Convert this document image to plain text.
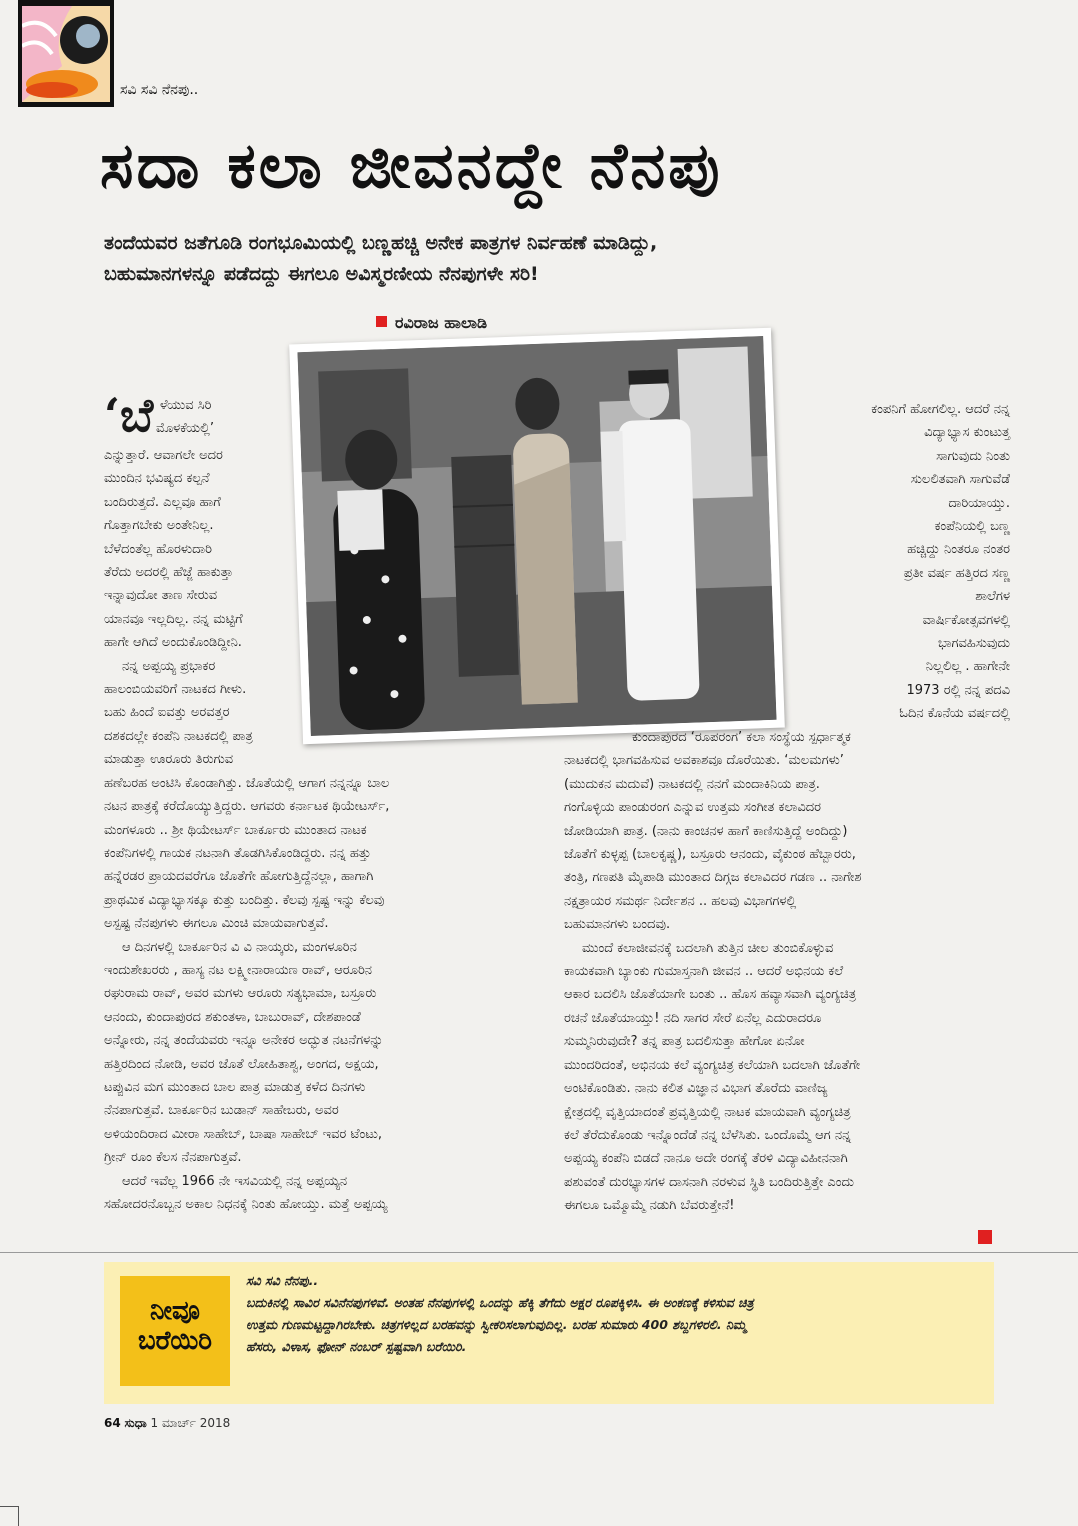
ಸವಿ ಸವಿ ನೆನಪು..
ಸದಾ ಕಲಾ ಜೀವನದ್ದೇ ನೆನಪು

ತಂದೆಯವರ ಜತೆಗೂಡಿ ರಂಗಭೂಮಿಯಲ್ಲಿ ಬಣ್ಣಹಚ್ಚಿ ಅನೇಕ ಪಾತ್ರಗಳ ನಿರ್ವಹಣೆ ಮಾಡಿದ್ದು,

ಬಹುಮಾನಗಳನ್ನೂ ಪಡೆದದ್ದು ಈಗಲೂ ಅವಿಸ್ಮರಣೀಯ ನೆನಪುಗಳೇ ಸರಿ!

ರವಿರಾಜ ಹಾಲಾಡಿ
‘ಬೆ ಳೆಯುವ ಸಿರಿ
ಮೊಳಕೆಯಲ್ಲಿ’

ಎನ್ನುತ್ತಾರೆ. ಆವಾಗಲೇ ಅದರ

ಮುಂದಿನ ಭವಿಷ್ಯದ ಕಲ್ಪನೆ

ಬಂದಿರುತ್ತದೆ. ಎಲ್ಲವೂ ಹಾಗೆ

ಗೊತ್ತಾಗಬೇಕು ಅಂತೇನಿಲ್ಲ.

ಬೆಳೆದಂತೆಲ್ಲ ಹೊರಳುದಾರಿ

ತೆರೆದು ಅದರಲ್ಲಿ ಹೆಜ್ಜೆ ಹಾಕುತ್ತಾ

ಇನ್ನಾವುದೋ ತಾಣ ಸೇರುವ

ಯಾನವೂ ಇಲ್ಲದಿಲ್ಲ. ನನ್ನ ಮಟ್ಟಿಗೆ

ಹಾಗೇ ಆಗಿದೆ ಅಂದುಕೊಂಡಿದ್ದೀನಿ.

ನನ್ನ ಅಪ್ಪಯ್ಯ ಪ್ರಭಾಕರ

ಹಾಲಂಬಿಯವರಿಗೆ ನಾಟಕದ ಗೀಳು.

ಬಹು ಹಿಂದೆ ಐವತ್ತು ಅರವತ್ತರ

ದಶಕದಲ್ಲೇ ಕಂಪೆನಿ ನಾಟಕದಲ್ಲಿ ಪಾತ್ರ

ಮಾಡುತ್ತಾ ಊರೂರು ತಿರುಗುವ

ಹಣೆಬರಹ ಅಂಟಿಸಿ ಕೊಂಡಾಗಿತ್ತು. ಜೊತೆಯಲ್ಲಿ ಆಗಾಗ ನನ್ನನ್ನೂ ಬಾಲ

ನಟನ ಪಾತ್ರಕ್ಕೆ ಕರೆದೊಯ್ಯುತ್ತಿದ್ದರು. ಆಗವರು ಕರ್ನಾಟಕ ಥಿಯೇಟರ್ಸ್,

ಮಂಗಳೂರು .. ಶ್ರೀ ಥಿಯೇಟರ್ಸ್ ಬಾರ್ಕೂರು ಮುಂತಾದ ನಾಟಕ

ಕಂಪೆನಿಗಳಲ್ಲಿ ಗಾಯಕ ನಟನಾಗಿ ತೊಡಗಿಸಿಕೊಂಡಿದ್ದರು. ನನ್ನ ಹತ್ತು

ಹನ್ನೆರಡರ ಪ್ರಾಯದವರೆಗೂ ಜೊತೆಗೇ ಹೋಗುತ್ತಿದ್ದೆನಲ್ಲಾ, ಹಾಗಾಗಿ

ಪ್ರಾಥಮಿಕ ವಿದ್ಯಾಭ್ಯಾಸಕ್ಕೂ ಕುತ್ತು ಬಂದಿತ್ತು. ಕೆಲವು ಸ್ಪಷ್ಟ ಇನ್ನು ಕೆಲವು

ಅಸ್ಪಷ್ಟ ನೆನಪುಗಳು ಈಗಲೂ ಮಿಂಚಿ ಮಾಯವಾಗುತ್ತವೆ.

ಆ ದಿನಗಳಲ್ಲಿ ಬಾರ್ಕೂರಿನ ವಿ ವಿ ನಾಯ್ಕರು, ಮಂಗಳೂರಿನ

ಇಂದುಶೇಖರರು , ಹಾಸ್ಯ ನಟ ಲಕ್ಷ್ಮೀನಾರಾಯಣ ರಾವ್, ಆರೂರಿನ

ರಘುರಾಮ ರಾವ್, ಅವರ ಮಗಳು ಆರೂರು ಸತ್ಯಭಾಮಾ, ಬಸ್ರೂರು

ಆನಂದು, ಕುಂದಾಪುರದ ಶಕುಂತಳಾ, ಬಾಬುರಾವ್, ದೇಶಪಾಂಡೆ

ಅನ್ನೋರು, ನನ್ನ ತಂದೆಯವರು ಇನ್ನೂ ಅನೇಕರ ಅದ್ಭುತ ನಟನೆಗಳನ್ನು

ಹತ್ತಿರದಿಂದ ನೋಡಿ, ಅವರ ಜೊತೆ ಲೋಹಿತಾಶ್ವ, ಅಂಗದ, ಅಕ್ಷಯ,

ಟಪ್ಪುವಿನ ಮಗ ಮುಂತಾದ ಬಾಲ ಪಾತ್ರ ಮಾಡುತ್ತ ಕಳೆದ ದಿನಗಳು

ನೆನಪಾಗುತ್ತವೆ. ಬಾರ್ಕೂರಿನ ಬುಡಾನ್ ಸಾಹೇಬರು, ಅವರ

ಅಳಿಯಂದಿರಾದ ಮೀರಾ ಸಾಹೇಬ್, ಬಾಷಾ ಸಾಹೇಬ್ ಇವರ ಟೆಂಟು,

ಗ್ರೀನ್ ರೂಂ ಕೆಲಸ ನೆನಪಾಗುತ್ತವೆ.

ಆದರೆ ಇವೆಲ್ಲ 1966 ನೇ ಇಸವಿಯಲ್ಲಿ ನನ್ನ ಅಪ್ಪಯ್ಯನ

ಸಹೋದರನೊಬ್ಬನ ಅಕಾಲ ನಿಧನಕ್ಕೆ ನಿಂತು ಹೋಯ್ತು. ಮತ್ತೆ ಅಪ್ಪಯ್ಯ

ಕಂಪನಿಗೆ ಹೋಗಲಿಲ್ಲ. ಆದರೆ ನನ್ನ

ವಿದ್ಯಾಭ್ಯಾಸ ಕುಂಟುತ್ತ

ಸಾಗುವುದು ನಿಂತು

ಸುಲಲಿತವಾಗಿ ಸಾಗುವೆಡೆ

ದಾರಿಯಾಯ್ತು.

ಕಂಪೆನಿಯಲ್ಲಿ ಬಣ್ಣ

ಹಚ್ಚಿದ್ದು ನಿಂತರೂ ನಂತರ

ಪ್ರತೀ ವರ್ಷ ಹತ್ತಿರದ ಸಣ್ಣ

ಶಾಲೆಗಳ

ವಾರ್ಷಿಕೋತ್ಸವಗಳಲ್ಲಿ

ಭಾಗವಹಿಸುವುದು

ನಿಲ್ಲಲಿಲ್ಲ . ಹಾಗೇನೇ

1973 ರಲ್ಲಿ ನನ್ನ ಪದವಿ

ಓದಿನ ಕೊನೆಯ ವರ್ಷದಲ್ಲಿ

ಕುಂದಾಪುರದ ‘ರೂಪರಂಗ’ ಕಲಾ ಸಂಸ್ಥೆಯ ಸ್ಪರ್ಧಾತ್ಮಕ

ನಾಟಕದಲ್ಲಿ ಭಾಗವಹಿಸುವ ಅವಕಾಶವೂ ದೊರೆಯಿತು. ‘ಮಲಮಗಳು’

(ಮುದುಕನ ಮದುವೆ) ನಾಟಕದಲ್ಲಿ ನನಗೆ ಮಂದಾಕಿನಿಯ ಪಾತ್ರ.

ಗಂಗೊಳ್ಳಿಯ ಪಾಂಡುರಂಗ ಎನ್ನುವ ಉತ್ತಮ ಸಂಗೀತ ಕಲಾವಿದರ

ಜೋಡಿಯಾಗಿ ಪಾತ್ರ. (ನಾನು ಕಾಂಚನಳ ಹಾಗೆ ಕಾಣಿಸುತ್ತಿದ್ದೆ ಅಂದಿದ್ದು)

ಜೊತೆಗೆ ಕುಳ್ಳಪ್ಪ (ಬಾಲಕೃಷ್ಣ), ಬಸ್ರೂರು ಆನಂದು, ವೈಕುಂಠ ಹೆಬ್ಬಾರರು,

ತಂತ್ರಿ, ಗಣಪತಿ ಮೈಪಾಡಿ ಮುಂತಾದ ದಿಗ್ಗಜ ಕಲಾವಿದರ ಗಡಣ .. ನಾಗೇಶ

ನಕ್ಷತ್ರಾಯರ ಸಮರ್ಥ ನಿರ್ದೇಶನ .. ಹಲವು ವಿಭಾಗಗಳಲ್ಲಿ

ಬಹುಮಾನಗಳು ಬಂದವು.

ಮುಂದೆ ಕಲಾಜೀವನಕ್ಕೆ ಬದಲಾಗಿ ತುತ್ತಿನ ಚೀಲ ತುಂಬಿಕೊಳ್ಳುವ

ಕಾಯಕವಾಗಿ ಬ್ಯಾಂಕು ಗುಮಾಸ್ತನಾಗಿ ಜೀವನ .. ಆದರೆ ಅಭಿನಯ ಕಲೆ

ಆಕಾರ ಬದಲಿಸಿ ಜೊತೆಯಾಗೇ ಬಂತು .. ಹೊಸ ಹವ್ಯಾಸವಾಗಿ ವ್ಯಂಗ್ಯಚಿತ್ರ

ರಚನೆ ಜೊತೆಯಾಯ್ತು! ನದಿ ಸಾಗರ ಸೇರೆ ಏನೆಲ್ಲ ಎದುರಾದರೂ

ಸುಮ್ಮನಿರುವುದೇ? ತನ್ನ ಪಾತ್ರ ಬದಲಿಸುತ್ತಾ ಹೇಗೋ ಏನೋ

ಮುಂದರಿದಂತೆ, ಅಭಿನಯ ಕಲೆ ವ್ಯಂಗ್ಯಚಿತ್ರ ಕಲೆಯಾಗಿ ಬದಲಾಗಿ ಜೊತೆಗೇ

ಅಂಟಿಕೊಂಡಿತು. ನಾನು ಕಲಿತ ವಿಜ್ಞಾನ ವಿಭಾಗ ತೊರೆದು ವಾಣಿಜ್ಯ

ಕ್ಷೇತ್ರದಲ್ಲಿ ವೃತ್ತಿಯಾದಂತೆ ಪ್ರವೃತ್ತಿಯಲ್ಲಿ ನಾಟಕ ಮಾಯವಾಗಿ ವ್ಯಂಗ್ಯಚಿತ್ರ

ಕಲೆ ತೆರೆದುಕೊಂಡು ಇನ್ನೊಂದೆಡೆ ನನ್ನ ಬೆಳೆಸಿತು. ಒಂದೊಮ್ಮೆ ಆಗ ನನ್ನ

ಅಪ್ಪಯ್ಯ ಕಂಪೆನಿ ಬಿಡದೆ ನಾನೂ ಅದೇ ರಂಗಕ್ಕೆ ತೆರಳಿ ವಿದ್ಯಾವಿಹೀನನಾಗಿ

ಪಶುವಂತೆ ದುರಭ್ಯಾಸಗಳ ದಾಸನಾಗಿ ನರಳುವ ಸ್ಥಿತಿ ಬಂದಿರುತ್ತಿತ್ತೇ ಎಂದು

ಈಗಲೂ ಒಮ್ಮೊಮ್ಮೆ ನಡುಗಿ ಬೆವರುತ್ತೇನೆ!

ನೀವೂ
ಬರೆಯಿರಿ

ಸವಿ ಸವಿ ನೆನಪು..

ಬದುಕಿನಲ್ಲಿ ಸಾವಿರ ಸವಿನೆನಪುಗಳಿವೆ. ಅಂತಹ ನೆನಪುಗಳಲ್ಲಿ ಒಂದನ್ನು ಹೆಕ್ಕಿ ತೆಗೆದು ಅಕ್ಷರ ರೂಪಕ್ಕಿಳಿಸಿ. ಈ ಅಂಕಣಕ್ಕೆ ಕಳಿಸುವ ಚಿತ್ರ

ಉತ್ತಮ ಗುಣಮಟ್ಟದ್ದಾಗಿರಬೇಕು. ಚಿತ್ರಗಳಿಲ್ಲದ ಬರಹವನ್ನು ಸ್ವೀಕರಿಸಲಾಗುವುದಿಲ್ಲ. ಬರಹ ಸುಮಾರು 400 ಶಬ್ದಗಳಿರಲಿ. ನಿಮ್ಮ

ಹೆಸರು, ವಿಳಾಸ, ಫೋನ್ ನಂಬರ್ ಸ್ಪಷ್ಟವಾಗಿ ಬರೆಯಿರಿ.

64 ಸುಧಾ 1 ಮಾರ್ಚ್ 2018
